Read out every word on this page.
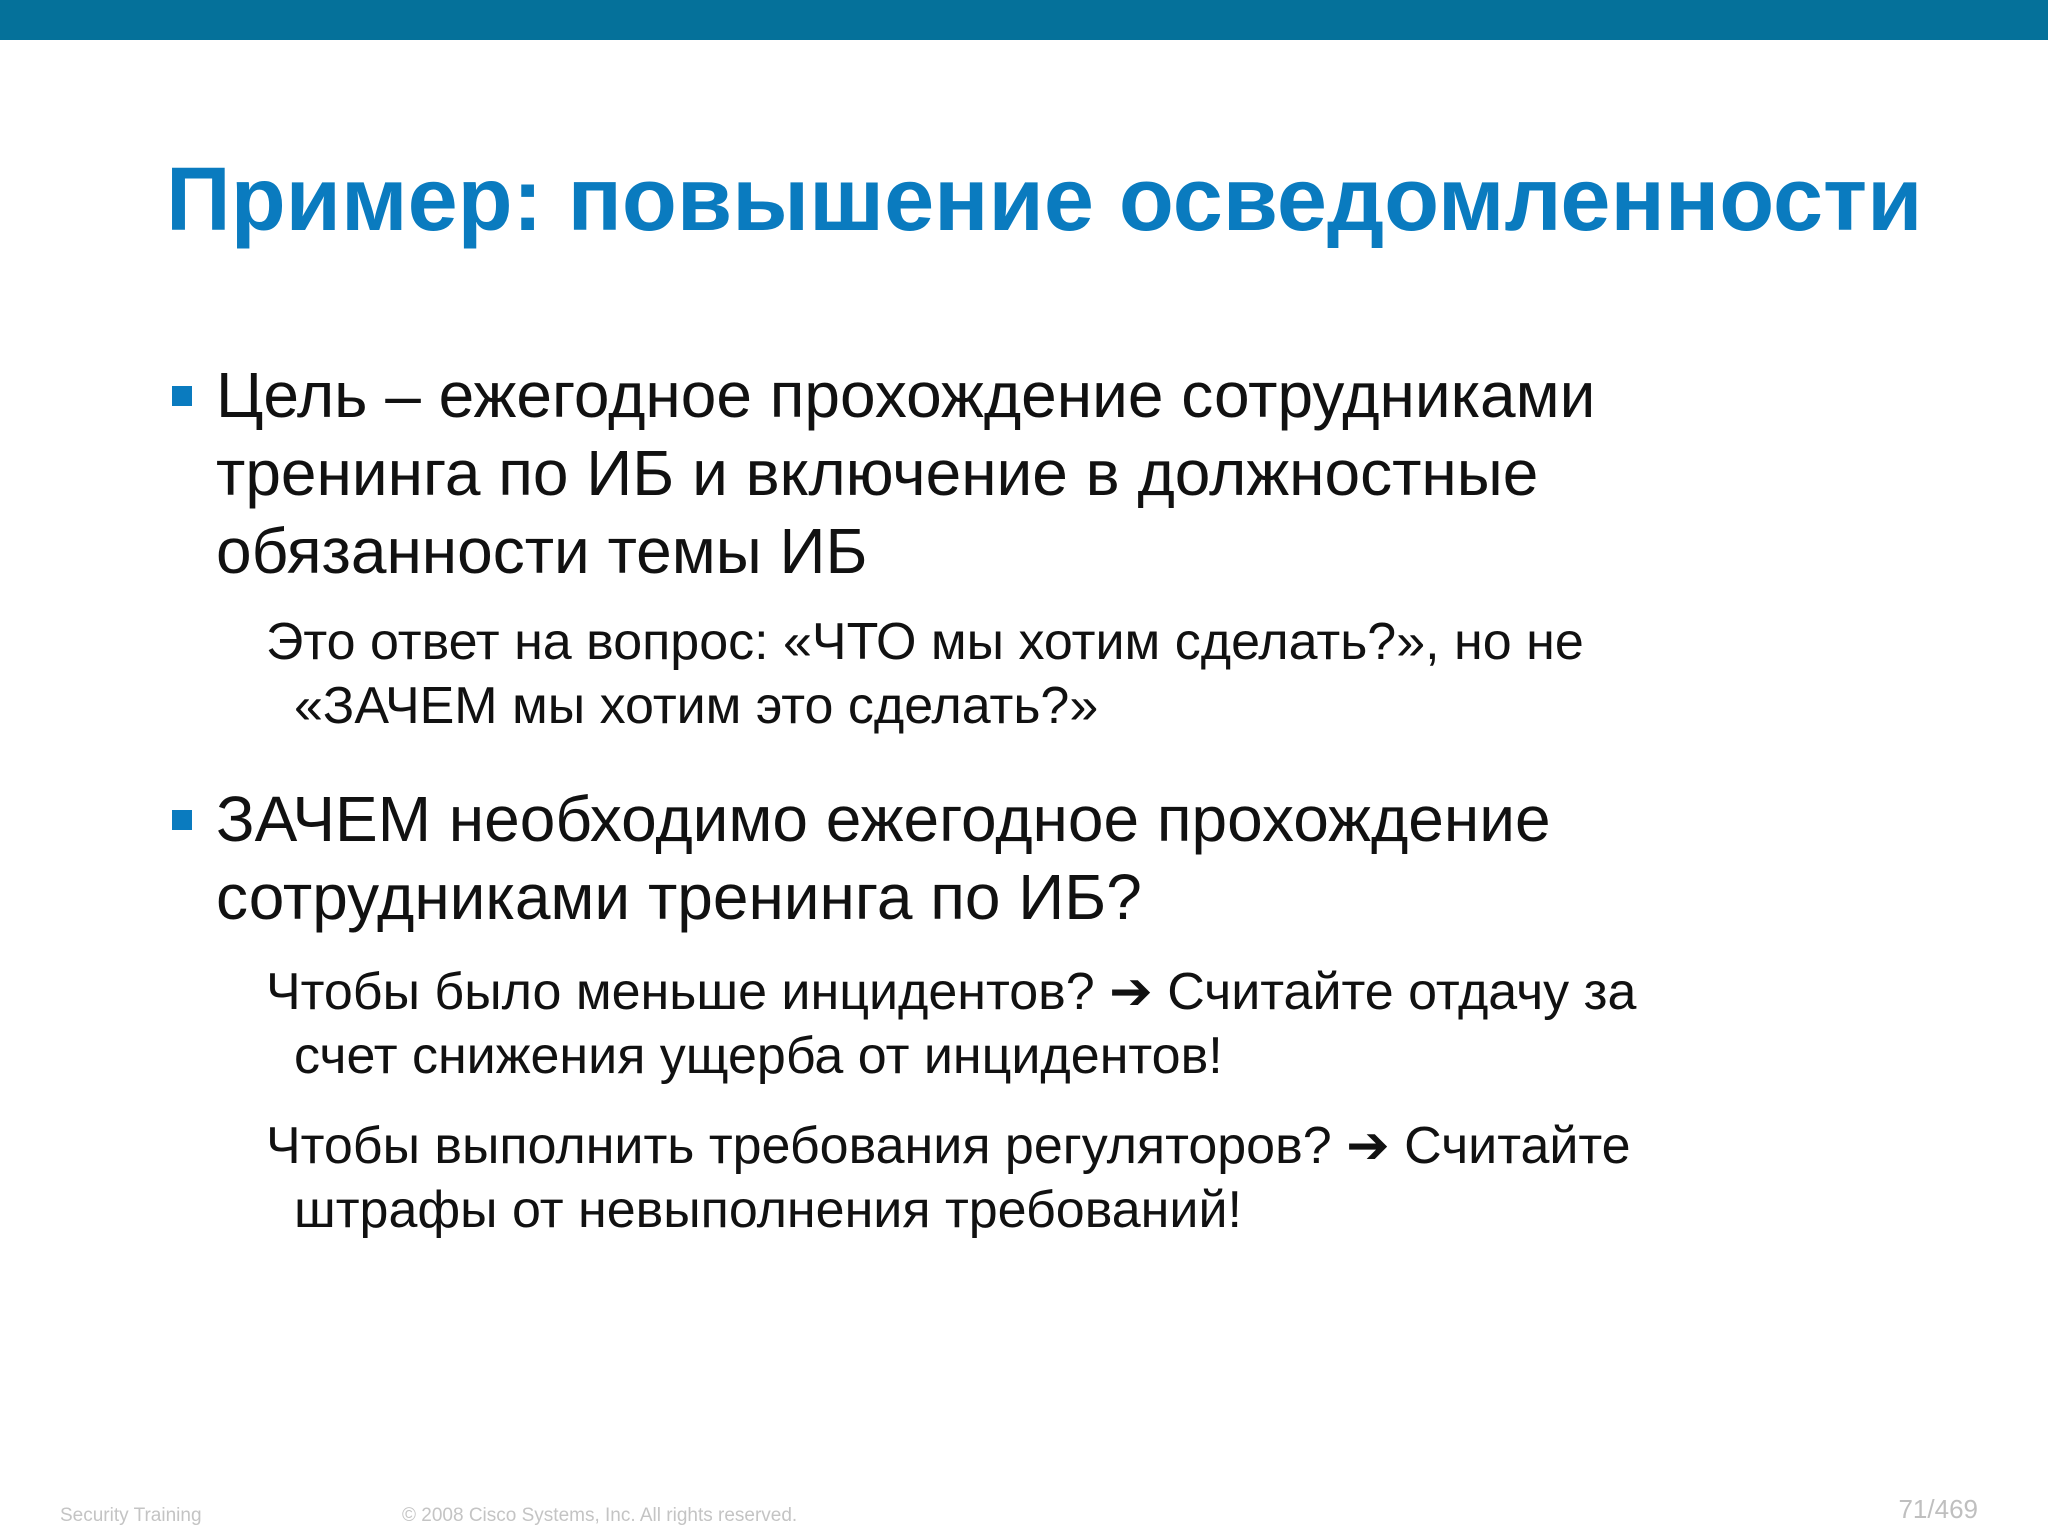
Пример: повышение осведомленности
Цель – ежегодное прохождение сотрудниками
тренинга по ИБ и включение в должностные
обязанности темы ИБ
Это ответ на вопрос: «ЧТО мы хотим сделать?», но не
«ЗАЧЕМ мы хотим это сделать?»
ЗАЧЕМ необходимо ежегодное прохождение
сотрудниками тренинга по ИБ?
Чтобы было меньше инцидентов? ➔ Считайте отдачу за
счет снижения ущерба от инцидентов!
Чтобы выполнить требования регуляторов? ➔ Считайте
штрафы от невыполнения требований!
Security Training	© 2008 Cisco Systems, Inc. All rights reserved.	71/469
